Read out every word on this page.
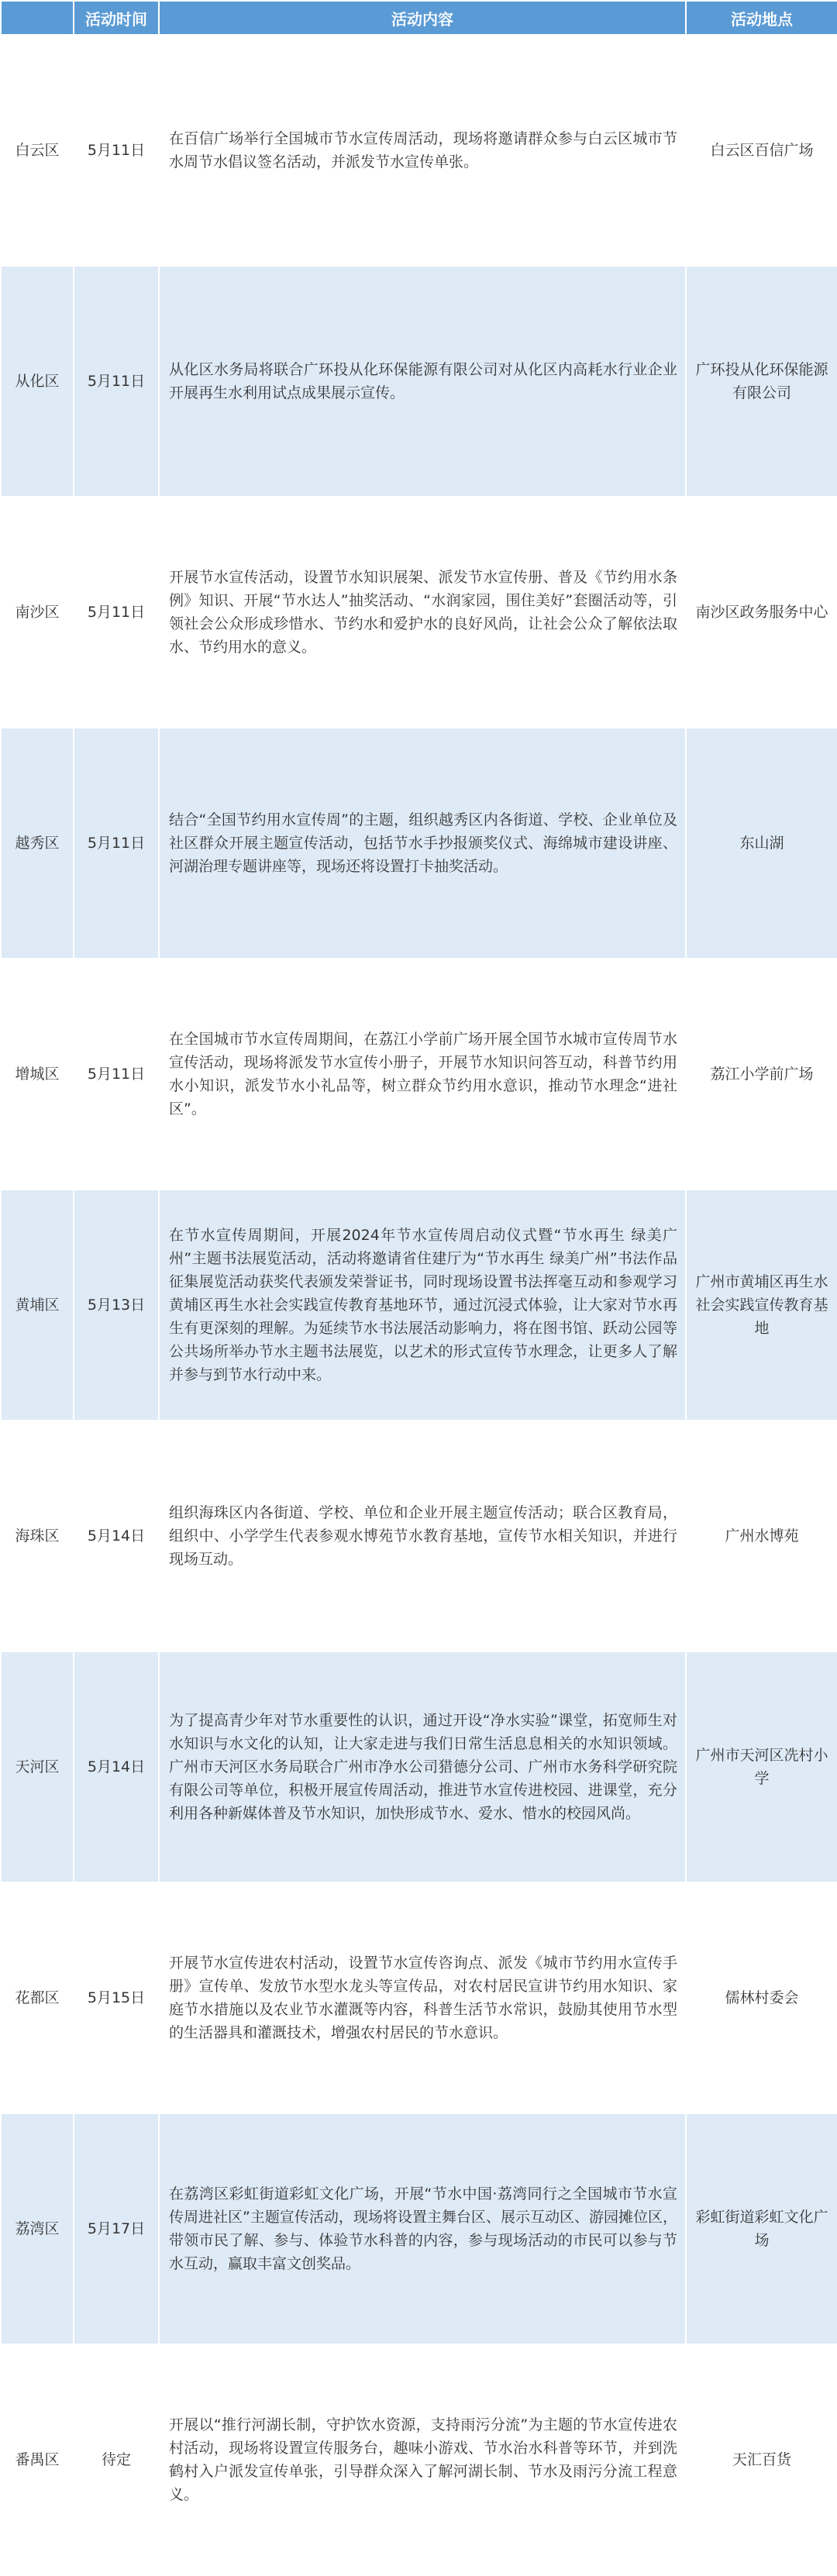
	活动时间	活动内容	活动地点
白云区	5月11日	在百信广场举行全国城市节水宣传周活动，现场将邀请群众参与白云区城市节水周节水倡议签名活动，并派发节水宣传单张。	白云区百信广场
从化区	5月11日	从化区水务局将联合广环投从化环保能源有限公司对从化区内高耗水行业企业开展再生水利用试点成果展示宣传。	广环投从化环保能源有限公司
南沙区	5月11日	开展节水宣传活动，设置节水知识展架、派发节水宣传册、普及《节约用水条例》知识、开展“节水达人”抽奖活动、“水润家园，围住美好”套圈活动等，引领社会公众形成珍惜水、节约水和爱护水的良好风尚，让社会公众了解依法取水、节约用水的意义。	南沙区政务服务中心
越秀区	5月11日	结合“全国节约用水宣传周”的主题，组织越秀区内各街道、学校、企业单位及社区群众开展主题宣传活动，包括节水手抄报颁奖仪式、海绵城市建设讲座、河湖治理专题讲座等，现场还将设置打卡抽奖活动。	东山湖
增城区	5月11日	在全国城市节水宣传周期间，在荔江小学前广场开展全国节水城市宣传周节水宣传活动，现场将派发节水宣传小册子，开展节水知识问答互动，科普节约用水小知识，派发节水小礼品等，树立群众节约用水意识，推动节水理念“进社区”。	荔江小学前广场
黄埔区	5月13日	在节水宣传周期间，开展2024年节水宣传周启动仪式暨“节水再生 绿美广州”主题书法展览活动，活动将邀请省住建厅为“节水再生 绿美广州”书法作品征集展览活动获奖代表颁发荣誉证书，同时现场设置书法挥毫互动和参观学习黄埔区再生水社会实践宣传教育基地环节，通过沉浸式体验，让大家对节水再生有更深刻的理解。为延续节水书法展活动影响力，将在图书馆、跃动公园等公共场所举办节水主题书法展览，以艺术的形式宣传节水理念，让更多人了解并参与到节水行动中来。	广州市黄埔区再生水社会实践宣传教育基地
海珠区	5月14日	组织海珠区内各街道、学校、单位和企业开展主题宣传活动；联合区教育局，组织中、小学学生代表参观水博苑节水教育基地，宣传节水相关知识，并进行现场互动。	广州水博苑
天河区	5月14日	为了提高青少年对节水重要性的认识，通过开设“净水实验”课堂，拓宽师生对水知识与水文化的认知，让大家走进与我们日常生活息息相关的水知识领域。广州市天河区水务局联合广州市净水公司猎德分公司、广州市水务科学研究院有限公司等单位，积极开展宣传周活动，推进节水宣传进校园、进课堂，充分利用各种新媒体普及节水知识，加快形成节水、爱水、惜水的校园风尚。	广州市天河区冼村小学
花都区	5月15日	开展节水宣传进农村活动，设置节水宣传咨询点、派发《城市节约用水宣传手册》宣传单、发放节水型水龙头等宣传品，对农村居民宣讲节约用水知识、家庭节水措施以及农业节水灌溉等内容，科普生活节水常识，鼓励其使用节水型的生活器具和灌溉技术，增强农村居民的节水意识。	儒林村委会
荔湾区	5月17日	在荔湾区彩虹街道彩虹文化广场，开展“节水中国·荔湾同行之全国城市节水宣传周进社区”主题宣传活动，现场将设置主舞台区、展示互动区、游园摊位区，带领市民了解、参与、体验节水科普的内容，参与现场活动的市民可以参与节水互动，赢取丰富文创奖品。	彩虹街道彩虹文化广场
番禺区	待定	开展以“推行河湖长制，守护饮水资源，支持雨污分流”为主题的节水宣传进农村活动，现场将设置宣传服务台，趣味小游戏、节水治水科普等环节，并到洗鹤村入户派发宣传单张，引导群众深入了解河湖长制、节水及雨污分流工程意义。	天汇百货
